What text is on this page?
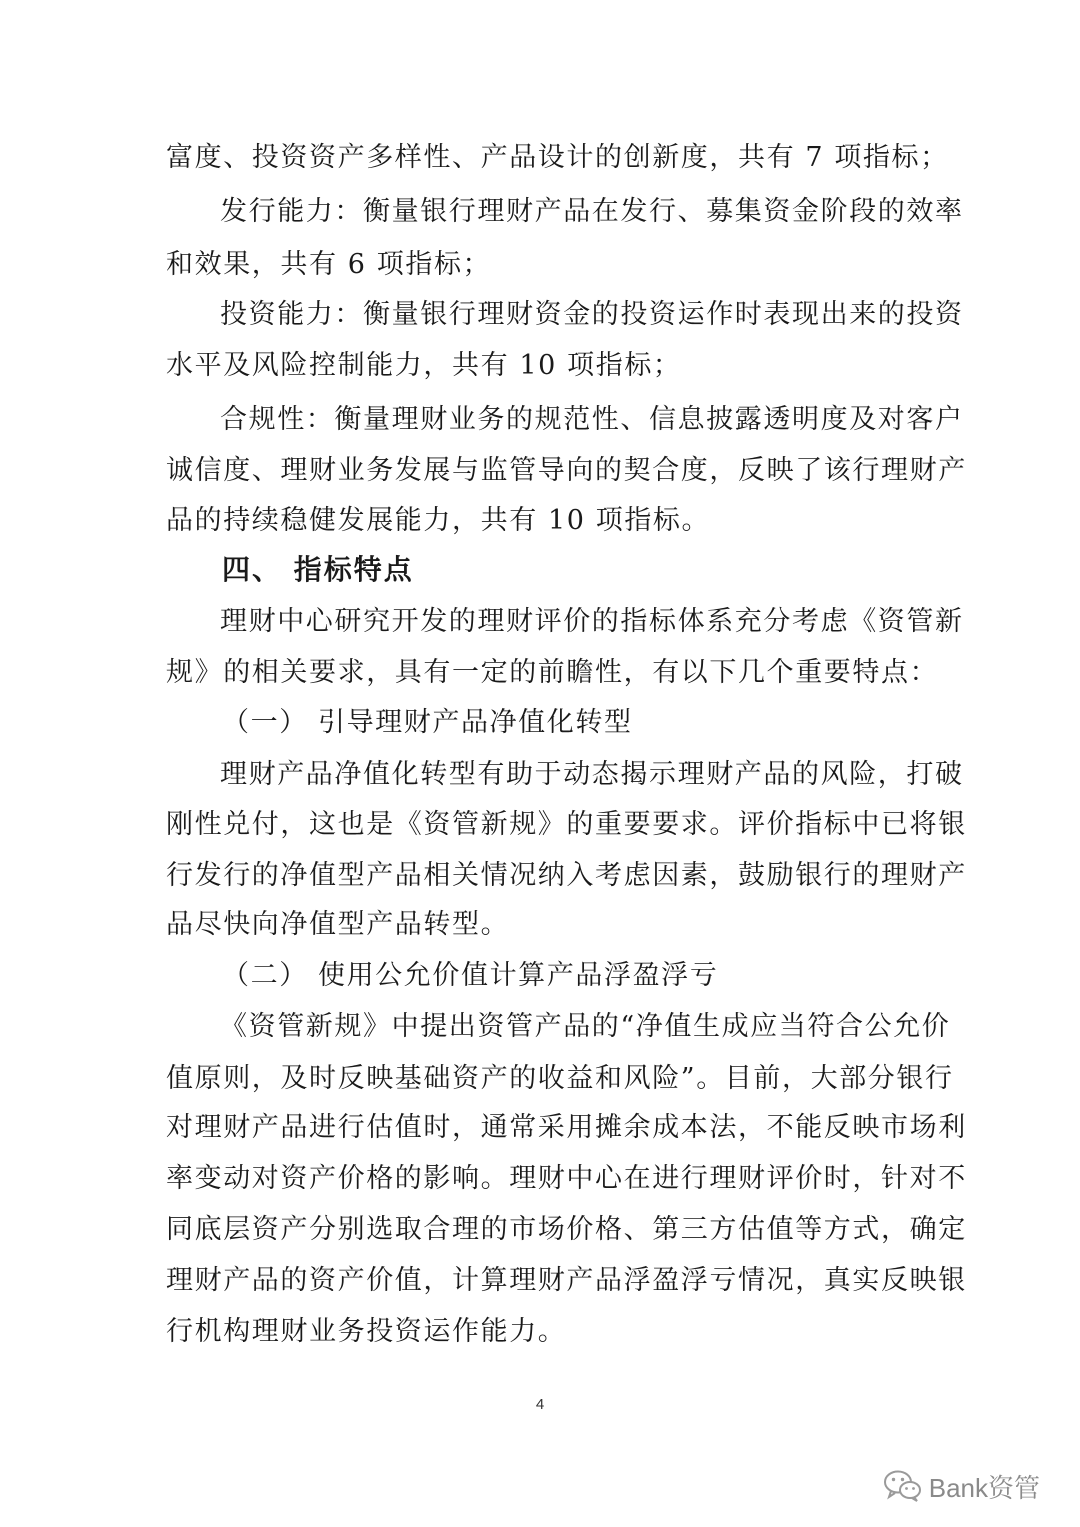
富度、投资资产多样性、产品设计的创新度，共有 7 项指标；
发行能力：衡量银行理财产品在发行、募集资金阶段的效率
和效果，共有 6 项指标；
投资能力：衡量银行理财资金的投资运作时表现出来的投资
水平及风险控制能力，共有 10 项指标；
合规性：衡量理财业务的规范性、信息披露透明度及对客户
诚信度、理财业务发展与监管导向的契合度，反映了该行理财产
品的持续稳健发展能力，共有 10 项指标。
四、 指标特点
理财中心研究开发的理财评价的指标体系充分考虑《资管新
规》的相关要求，具有一定的前瞻性，有以下几个重要特点：
（一） 引导理财产品净值化转型
理财产品净值化转型有助于动态揭示理财产品的风险，打破
刚性兑付，这也是《资管新规》的重要要求。评价指标中已将银
行发行的净值型产品相关情况纳入考虑因素，鼓励银行的理财产
品尽快向净值型产品转型。
（二） 使用公允价值计算产品浮盈浮亏
《资管新规》中提出资管产品的“净值生成应当符合公允价
值原则，及时反映基础资产的收益和风险”。目前，大部分银行
对理财产品进行估值时，通常采用摊余成本法，不能反映市场利
率变动对资产价格的影响。理财中心在进行理财评价时，针对不
同底层资产分别选取合理的市场价格、第三方估值等方式，确定
理财产品的资产价值，计算理财产品浮盈浮亏情况，真实反映银
行机构理财业务投资运作能力。
4
Bank资管
